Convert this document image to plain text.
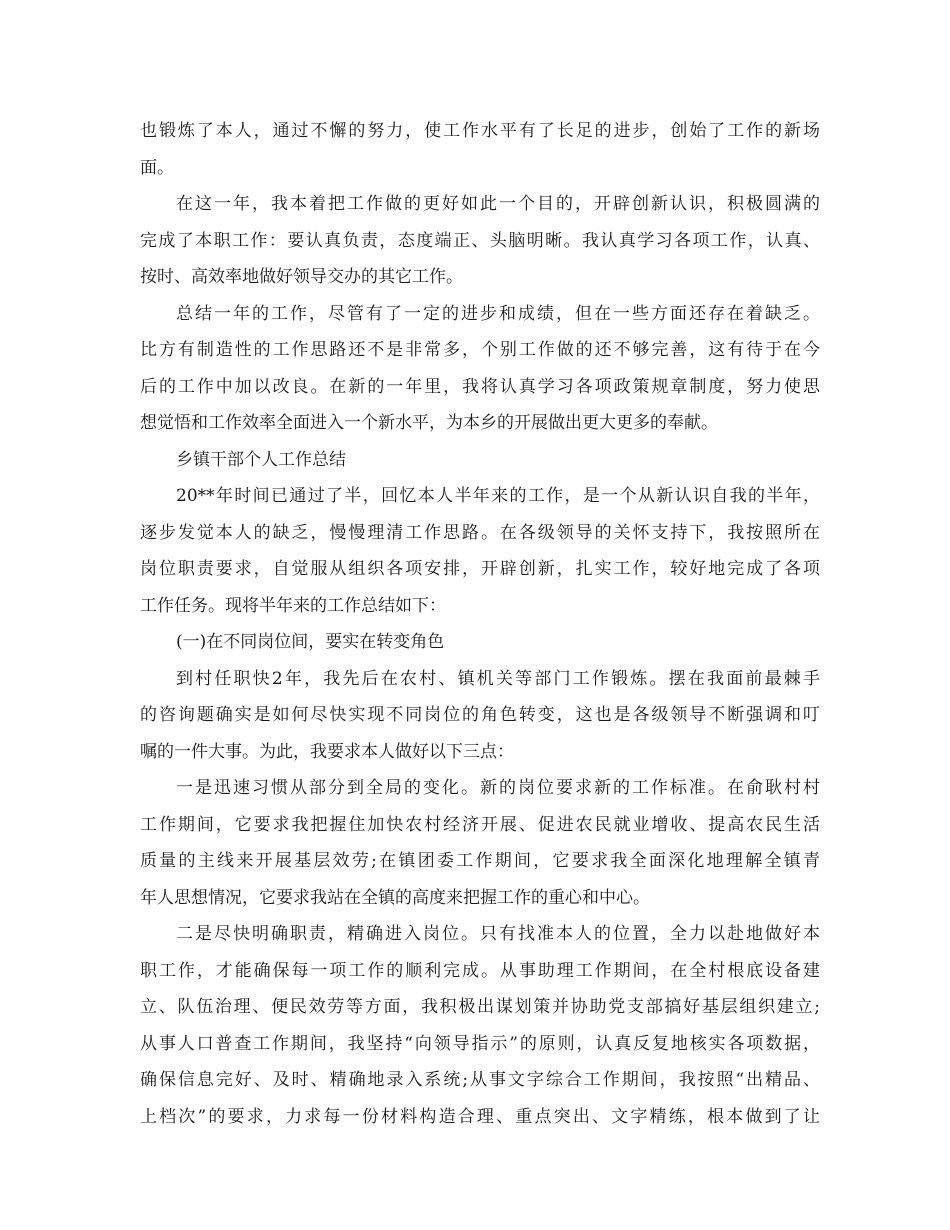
也锻炼了本人，通过不懈的努力，使工作水平有了长足的进步，创始了工作的新场
面。
在这一年，我本着把工作做的更好如此一个目的，开辟创新认识，积极圆满的
完成了本职工作：要认真负责，态度端正、头脑明晰。我认真学习各项工作，认真、
按时、高效率地做好领导交办的其它工作。
总结一年的工作，尽管有了一定的进步和成绩，但在一些方面还存在着缺乏。
比方有制造性的工作思路还不是非常多，个别工作做的还不够完善，这有待于在今
后的工作中加以改良。在新的一年里，我将认真学习各项政策规章制度，努力使思
想觉悟和工作效率全面进入一个新水平，为本乡的开展做出更大更多的奉献。
乡镇干部个人工作总结
20**年时间已通过了半，回忆本人半年来的工作，是一个从新认识自我的半年，
逐步发觉本人的缺乏，慢慢理清工作思路。在各级领导的关怀支持下，我按照所在
岗位职责要求，自觉服从组织各项安排，开辟创新，扎实工作，较好地完成了各项
工作任务。现将半年来的工作总结如下：
(一)在不同岗位间，要实在转变角色
到村任职快2年，我先后在农村、镇机关等部门工作锻炼。摆在我面前最棘手
的咨询题确实是如何尽快实现不同岗位的角色转变，这也是各级领导不断强调和叮
嘱的一件大事。为此，我要求本人做好以下三点：
一是迅速习惯从部分到全局的变化。新的岗位要求新的工作标准。在俞耿村村
工作期间，它要求我把握住加快农村经济开展、促进农民就业增收、提高农民生活
质量的主线来开展基层效劳;在镇团委工作期间，它要求我全面深化地理解全镇青
年人思想情况，它要求我站在全镇的高度来把握工作的重心和中心。
二是尽快明确职责，精确进入岗位。只有找准本人的位置，全力以赴地做好本
职工作，才能确保每一项工作的顺利完成。从事助理工作期间，在全村根底设备建
立、队伍治理、便民效劳等方面，我积极出谋划策并协助党支部搞好基层组织建立;
从事人口普查工作期间，我坚持“向领导指示”的原则，认真反复地核实各项数据，
确保信息完好、及时、精确地录入系统;从事文字综合工作期间，我按照“出精品、
上档次”的要求，力求每一份材料构造合理、重点突出、文字精练，根本做到了让
